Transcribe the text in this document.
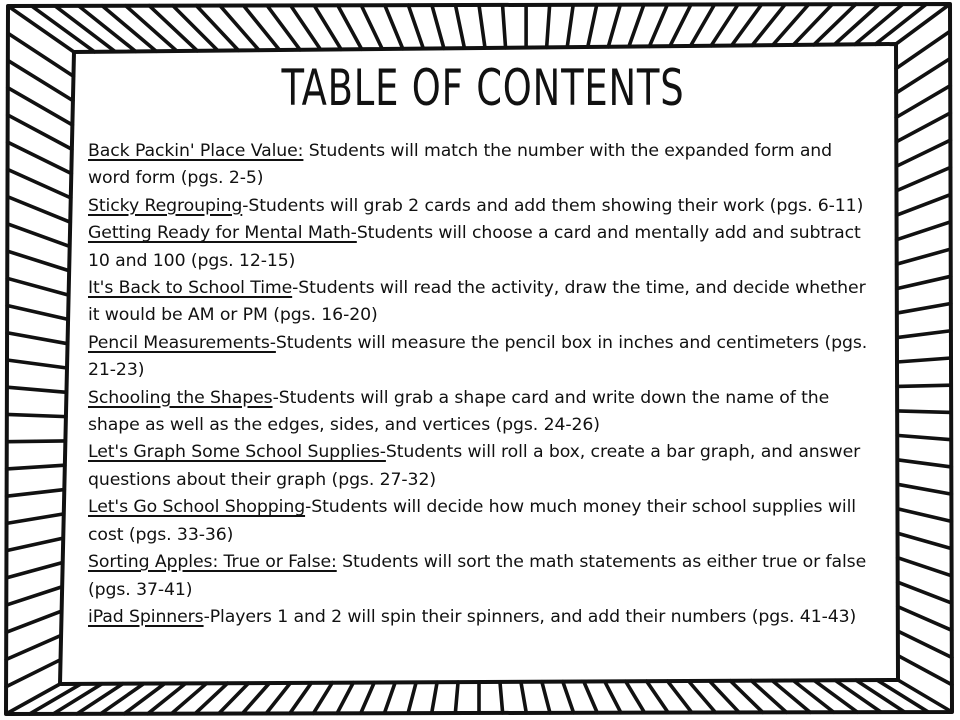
TABLE OF CONTENTS
Back Packin' Place Value: Students will match the number with the expanded form and word form (pgs. 2-5)
Sticky Regrouping-Students will grab 2 cards and add them showing their work (pgs. 6-11)
Getting Ready for Mental Math-Students will choose a card and mentally add and subtract 10 and 100 (pgs. 12-15)
It's Back to School Time-Students will read the activity, draw the time, and decide whether it would be AM or PM (pgs. 16-20)
Pencil Measurements-Students will measure the pencil box in inches and centimeters (pgs. 21-23)
Schooling the Shapes-Students will grab a shape card and write down the name of the shape as well as the edges, sides, and vertices (pgs. 24-26)
Let's Graph Some School Supplies-Students will roll a box, create a bar graph, and answer questions about their graph (pgs. 27-32)
Let's Go School Shopping-Students will decide how much money their school supplies will cost (pgs. 33-36)
Sorting Apples: True or False: Students will sort the math statements as either true or false (pgs. 37-41)
iPad Spinners-Players 1 and 2 will spin their spinners, and add their numbers (pgs. 41-43)
